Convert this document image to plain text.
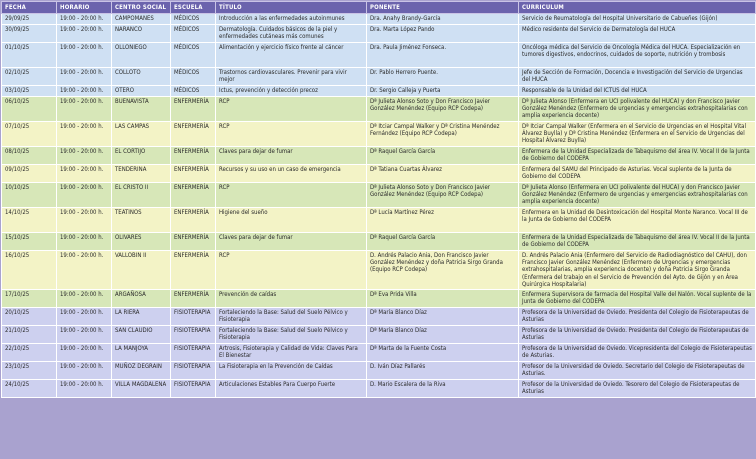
FECHA	HORARIO	CENTRO SOCIAL	ESCUELA	TÍTULO	PONENTE	CURRICULUM
29/09/25	19:00 - 20:00 h.	CAMPOMANES	MÉDICOS	Introducción a las enfermedades autoinmunes	Dra. Anahy Brandy-García	Servicio de Reumatología del Hospital Universitario de Cabueñes (Gijón)
30/09/25	19:00 - 20:00 h.	NARANCO	MÉDICOS	Dermatología. Cuidados básicos de la piel y enfermedades cutáneas más comunes	Dra. Marta López Pando	Médico residente del Servicio de Dermatología del HUCA
01/10/25	19:00 - 20:00 h.	OLLONIEGO	MÉDICOS	Alimentación y ejercicio físico frente al cáncer	Dra. Paula Jiménez Fonseca.	Oncóloga médica del Servicio de Oncología Médica del HUCA. Especialización en tumores digestivos, endocrinos, cuidados de soporte, nutrición y trombosis
02/10/25	19:00 - 20:00 h.	COLLOTO	MÉDICOS	Trastornos cardiovasculares. Prevenir para vivir mejor	Dr. Pablo Herrero Puente.	Jefe de Sección de Formación, Docencia e Investigación del Servicio de Urgencias del HUCA
03/10/25	19:00 - 20:00 h.	OTERO	MÉDICOS	Ictus, prevención y detección precoz	Dr. Sergio Calleja y Puerta	Responsable de la Unidad del ICTUS del HUCA
06/10/25	19:00 - 20:00 h.	BUENAVISTA	ENFERMERÍA	RCP	Dª Julieta Alonso Soto y Don Francisco Javier González Menéndez (Equipo RCP Codepa)	Dª Julieta Alonso (Enfermera en UCI polivalente del HUCA) y don Francisco Javier González Menéndez (Enfermero de urgencias y emergencias extrahospitalarias con amplia experiencia docente)
07/10/25	19:00 - 20:00 h.	LAS CAMPAS	ENFERMERÍA	RCP	Dª Itciar Campal Walker y Dª Cristina Menéndez Fernández (Equipo RCP Codepa)	Dª Itciar Campal Walker (Enfermera en el Servicio de Urgencias en el Hospital Vital Álvarez Buylla) y Dª Cristina Menéndez (Enfermera en el Servicio de Urgencias del Hospital Álvarez Buylla)
08/10/25	19:00 - 20:00 h.	EL CORTIJO	ENFERMERÍA	Claves para dejar de fumar	Dª Raquel García García	Enfermera de la Unidad Especializada de Tabaquismo del área IV. Vocal II de la Junta de Gobierno del CODEPA
09/10/25	19:00 - 20:00 h.	TENDERINA	ENFERMERÍA	Recursos y su uso en un caso de emergencia	Dª Tatiana Cuartas Álvarez	Enfermera del SAMU del Principado de Asturias. Vocal suplente de la Junta de Gobierno del CODEPA
10/10/25	19:00 - 20:00 h.	EL CRISTO II	ENFERMERÍA	RCP	Dª Julieta Alonso Soto y Don Francisco Javier González Menéndez (Equipo RCP Codepa)	Dª Julieta Alonso (Enfermera en UCI polivalente del HUCA) y don Francisco Javier González Menéndez (Enfermero de urgencias y emergencias extrahospitalarias con amplia experiencia docente)
14/10/25	19:00 - 20:00 h.	TEATINOS	ENFERMERÍA	Higiene del sueño	Dª Lucía Martínez Pérez	Enfermera en la Unidad de Desintoxicación del Hospital Monte Naranco. Vocal III de la Junta de Gobierno del CODEPA
15/10/25	19:00 - 20:00 h.	OLIVARES	ENFERMERÍA	Claves para dejar de fumar	Dª Raquel García García	Enfermera de la Unidad Especializada de Tabaquismo del área IV. Vocal II de la Junta de Gobierno del CODEPA
16/10/25	19:00 - 20:00 h.	VALLOBIN II	ENFERMERÍA	RCP	D. Andrés Palacio Ania, Don Francisco Javier González Menéndez y doña Patricia Sirgo Granda (Equipo RCP Codepa)	D. Andrés Palacio Ania (Enfermero del Servicio de Radiodiagnóstico del CAHU), don Francisco Javier González Menéndez (Enfermero de Urgencias y emergencias extrahospitalarias, amplia experiencia docente) y doña Patricia Sirgo Granda (Enfermera del trabajo en el Servicio de Prevención del Ayto. de Gijón y en Área Quirúrgica Hospitalaria)
17/10/25	19:00 - 20:00 h.	ARGAÑOSA	ENFERMERÍA	Prevención de caídas	Dª Eva Prida Villa	Enfermera Supervisora de farmacia del Hospital Valle del Nalón. Vocal suplente de la Junta de Gobierno del CODEPA
20/10/25	19:00 - 20:00 h.	LA RIERA	FISIOTERAPIA	Fortaleciendo la Base: Salud del Suelo Pélvico y Fisioterapia	Dª María Blanco Díaz	Profesora de la Universidad de Oviedo. Presidenta del Colegio de Fisioterapeutas de Asturias
21/10/25	19:00 - 20:00 h.	SAN CLAUDIO	FISIOTERAPIA	Fortaleciendo la Base: Salud del Suelo Pélvico y Fisioterapia	Dª María Blanco Díaz	Profesora de la Universidad de Oviedo. Presidenta del Colegio de Fisioterapeutas de Asturias
22/10/25	19:00 - 20:00 h.	LA MANJOYA	FISIOTERAPIA	Artrosis, Fisioterapia y Calidad de Vida: Claves Para El Bienestar	Dª Marta de la Fuente Costa	Profesora de la Universidad de Oviedo. Vicepresidenta del Colegio de Fisioterapeutas de Asturias.
23/10/25	19:00 - 20:00 h.	MUÑOZ DEGRAIN	FISIOTERAPIA	La Fisioterapia en la Prevención de Caídas	D. Iván Díaz Pallarés	Profesor de la Universidad de Oviedo. Secretario del Colegio de Fisioterapeutas de Asturias.
24/10/25	19:00 - 20:00 h.	VILLA MAGDALENA	FISIOTERAPIA	Articulaciones Estables Para Cuerpo Fuerte	D. Mario Escalera de la Riva	Profesor de la Universidad de Oviedo. Tesorero del Colegio de Fisioterapeutas de Asturias
